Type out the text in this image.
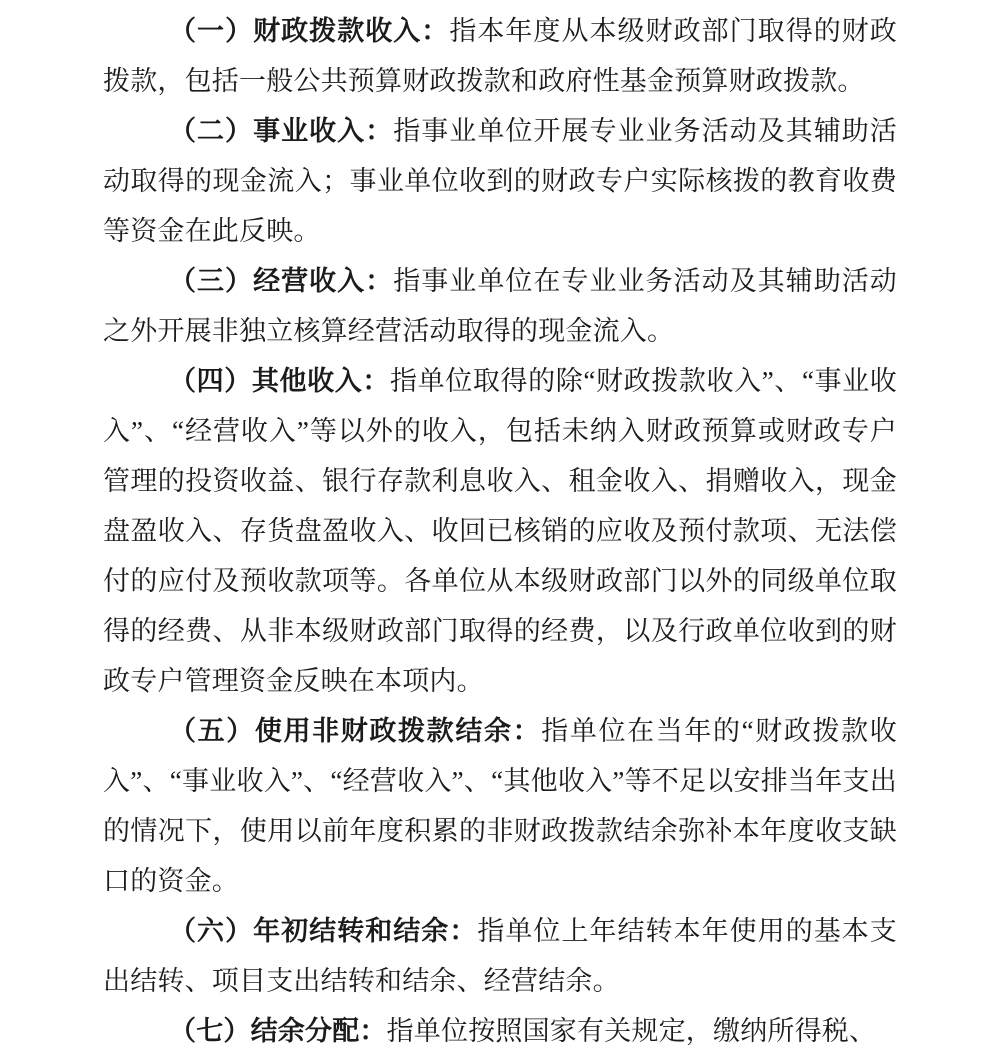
（一）财政拨款收入：指本年度从本级财政部门取得的财政拨款，包括一般公共预算财政拨款和政府性基金预算财政拨款。

（二）事业收入：指事业单位开展专业业务活动及其辅助活动取得的现金流入；事业单位收到的财政专户实际核拨的教育收费等资金在此反映。

（三）经营收入：指事业单位在专业业务活动及其辅助活动之外开展非独立核算经营活动取得的现金流入。

（四）其他收入：指单位取得的除“财政拨款收入”、“事业收入”、“经营收入”等以外的收入，包括未纳入财政预算或财政专户管理的投资收益、银行存款利息收入、租金收入、捐赠收入，现金盘盈收入、存货盘盈收入、收回已核销的应收及预付款项、无法偿付的应付及预收款项等。各单位从本级财政部门以外的同级单位取得的经费、从非本级财政部门取得的经费，以及行政单位收到的财政专户管理资金反映在本项内。

（五）使用非财政拨款结余：指单位在当年的“财政拨款收入”、“事业收入”、“经营收入”、“其他收入”等不足以安排当年支出的情况下，使用以前年度积累的非财政拨款结余弥补本年度收支缺口的资金。

（六）年初结转和结余：指单位上年结转本年使用的基本支出结转、项目支出结转和结余、经营结余。

（七）结余分配：指单位按照国家有关规定，缴纳所得税、
